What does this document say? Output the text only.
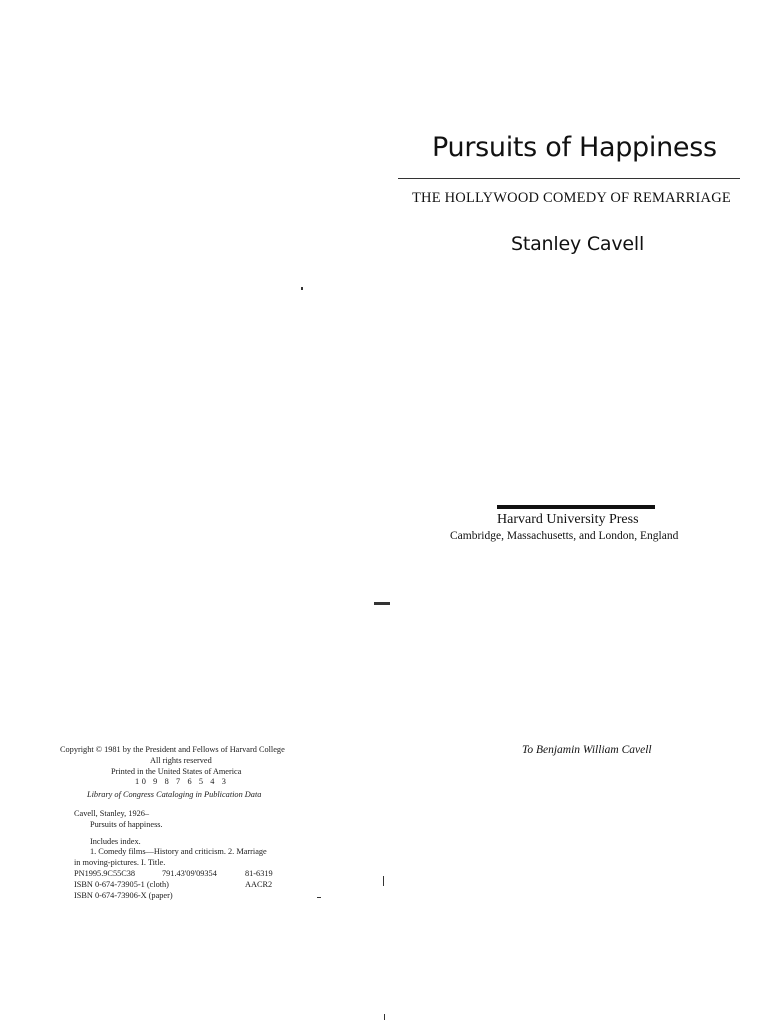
Pursuits of Happiness
THE HOLLYWOOD COMEDY OF REMARRIAGE
Stanley Cavell
Harvard University Press
Cambridge, Massachusetts, and London, England
To Benjamin William Cavell
Copyright © 1981 by the President and Fellows of Harvard College
All rights reserved
Printed in the United States of America
10 9 8 7 6 5 4 3
Library of Congress Cataloging in Publication Data
Cavell, Stanley, 1926–
Pursuits of happiness.
Includes index.
1. Comedy films—History and criticism. 2. Marriage
in moving-pictures. I. Title.
PN1995.9C55C38	791.43'09'09354	81-6319
ISBN 0-674-73905-1 (cloth)	AACR2
ISBN 0-674-73906-X (paper)
